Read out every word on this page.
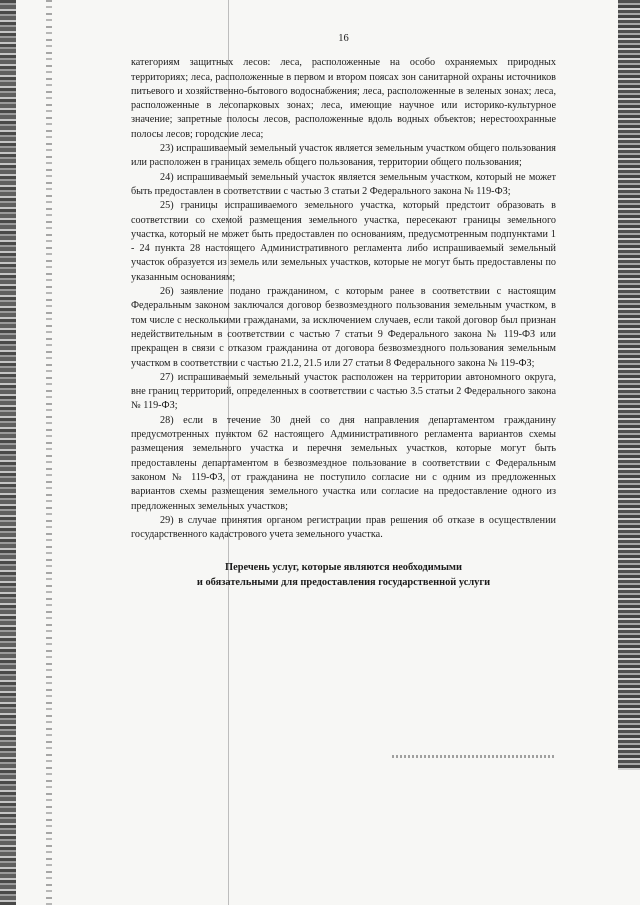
16

категориям защитных лесов: леса, расположенные на особо охраняемых природных территориях; леса, расположенные в первом и втором поясах зон санитарной охраны источников питьевого и хозяйственно-бытового водоснабжения; леса, расположенные в зеленых зонах; леса, расположенные в лесопарковых зонах; леса, имеющие научное или историко-культурное значение; запретные полосы лесов, расположенные вдоль водных объектов; нерестоохранные полосы лесов; городские леса;

23) испрашиваемый земельный участок является земельным участком общего пользования или расположен в границах земель общего пользования, территории общего пользования;

24) испрашиваемый земельный участок является земельным участком, который не может быть предоставлен в соответствии с частью 3 статьи 2 Федерального закона № 119-ФЗ;

25) границы испрашиваемого земельного участка, который предстоит образовать в соответствии со схемой размещения земельного участка, пересекают границы земельного участка, который не может быть предоставлен по основаниям, предусмотренным подпунктами 1 - 24 пункта 28 настоящего Административного регламента либо испрашиваемый земельный участок образуется из земель или земельных участков, которые не могут быть предоставлены по указанным основаниям;

26) заявление подано гражданином, с которым ранее в соответствии с настоящим Федеральным законом заключался договор безвозмездного пользования земельным участком, в том числе с несколькими гражданами, за исключением случаев, если такой договор был признан недействительным в соответствии с частью 7 статьи 9 Федерального закона № 119-ФЗ или прекращен в связи с отказом гражданина от договора безвозмездного пользования земельным участком в соответствии с частью 21.2, 21.5 или 27 статьи 8 Федерального закона № 119-ФЗ;

27) испрашиваемый земельный участок расположен на территории автономного округа, вне границ территорий, определенных в соответствии с частью 3.5 статьи 2 Федерального закона № 119-ФЗ;

28) если в течение 30 дней со дня направления департаментом гражданину предусмотренных пунктом 62 настоящего Административного регламента вариантов схемы размещения земельного участка и перечня земельных участков, которые могут быть предоставлены департаментом в безвозмездное пользование в соответствии с Федеральным законом № 119-ФЗ, от гражданина не поступило согласие ни с одним из предложенных вариантов схемы размещения земельного участка или согласие на предоставление одного из предложенных земельных участков;

29) в случае принятия органом регистрации прав решения об отказе в осуществлении государственного кадастрового учета земельного участка.

Перечень услуг, которые являются необходимыми
и обязательными для предоставления государственной услуги
